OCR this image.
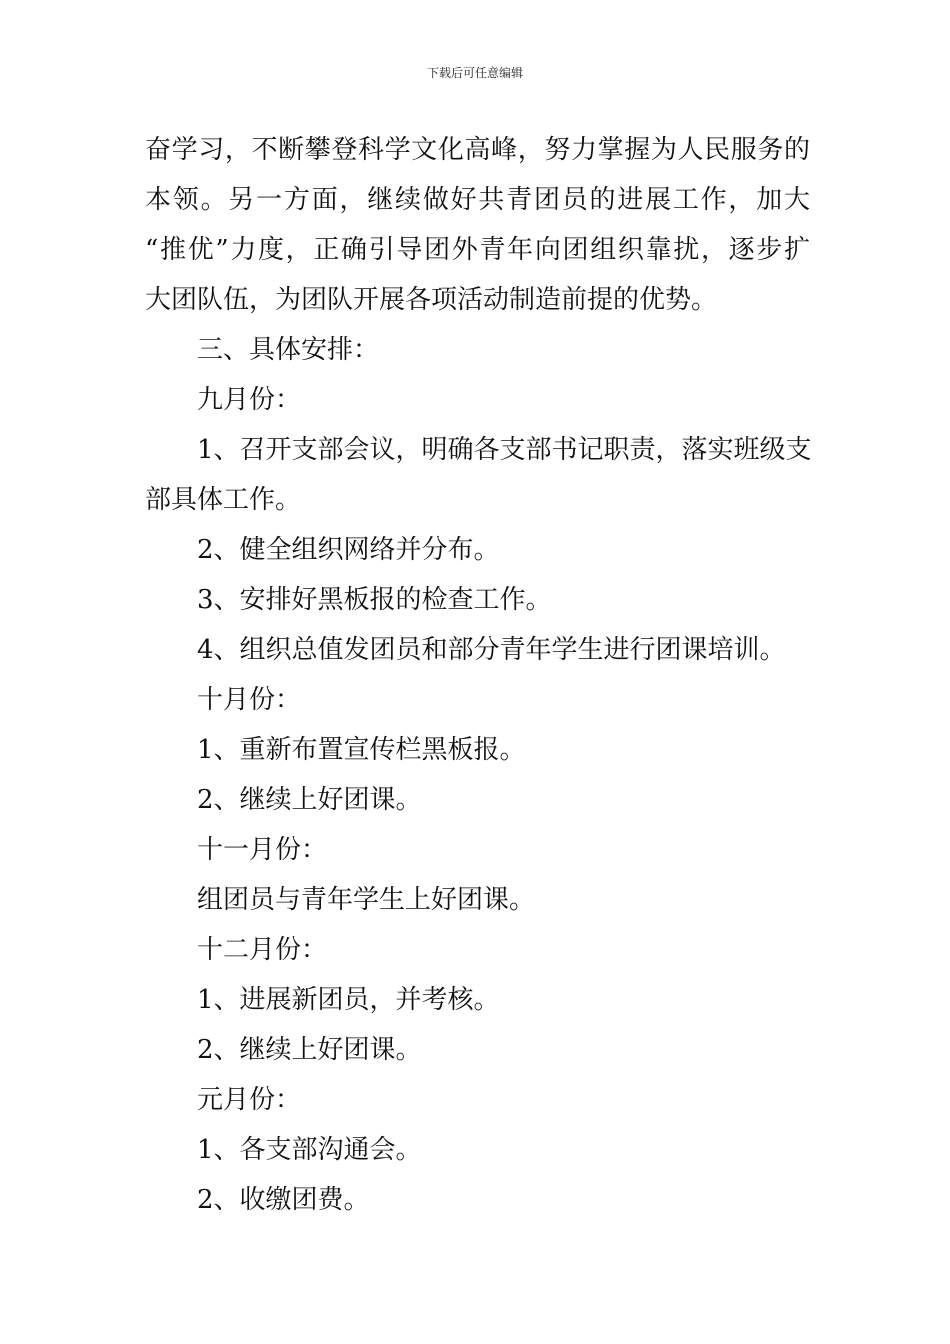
下载后可任意编辑
奋学习，不断攀登科学文化高峰，努力掌握为人民服务的
本领。另一方面，继续做好共青团员的进展工作，加大
“推优”力度，正确引导团外青年向团组织靠扰，逐步扩
大团队伍，为团队开展各项活动制造前提的优势。

三、具体安排：

九月份：

1、召开支部会议，明确各支部书记职责，落实班级支
部具体工作。

2、健全组织网络并分布。

3、安排好黑板报的检查工作。

4、组织总值发团员和部分青年学生进行团课培训。

十月份：

1、重新布置宣传栏黑板报。

2、继续上好团课。

十一月份：

组团员与青年学生上好团课。

十二月份：

1、进展新团员，并考核。

2、继续上好团课。

元月份：

1、各支部沟通会。

2、收缴团费。
